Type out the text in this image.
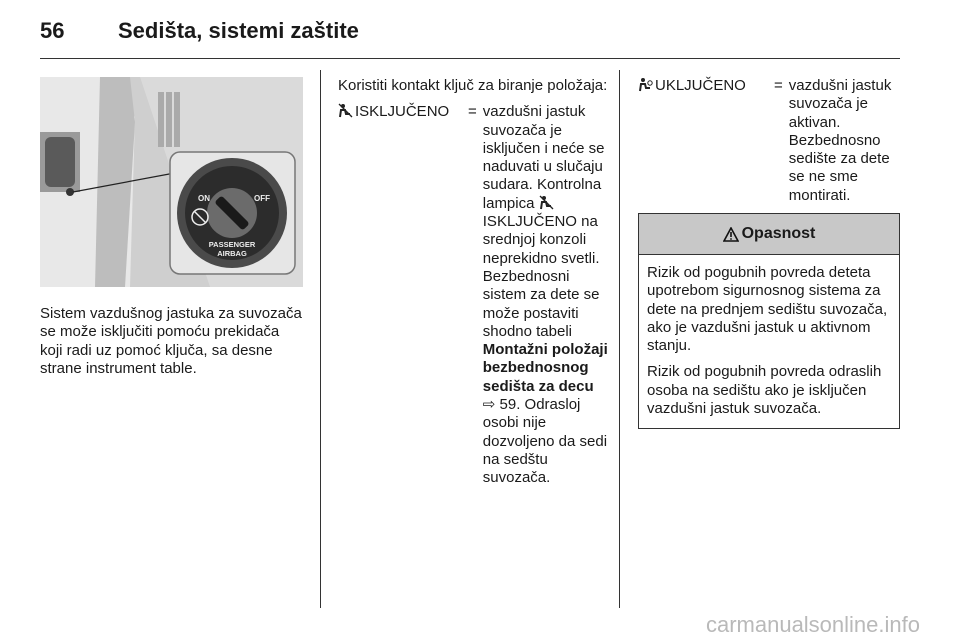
56	Sedišta, sistemi zaštite
ON	OFF
PASSENGER
AIRBAG
Sistem vazdušnog jastuka za suvozača se može isključiti pomoću prekidača koji radi uz pomoć ključa, sa desne strane instrument table.
Koristiti kontakt ključ za biranje položaja:
ISKLJUČENO	= vazdušni jastuk suvozača je isključen i neće se naduvati u slučaju sudara. Kontrolna lampica  ISKLJUČENO na srednjoj konzoli neprekidno svetli. Bezbednosni sistem za dete se može postaviti shodno tabeli Montažni položaji bezbednosnog sedišta za decu ⇨ 59. Odrasloj osobi nije dozvoljeno da sedi na sedštu suvozača.
UKLJUČENO	= vazdušni jastuk suvozača je aktivan. Bezbednosno sedište za dete se ne sme montirati.
Opasnost

Rizik od pogubnih povreda deteta upotrebom sigurnosnog sistema za dete na prednjem sedištu suvozača, ako je vazdušni jastuk u aktivnom stanju.

Rizik od pogubnih povreda odraslih osoba na sedištu ako je isključen vazdušni jastuk suvozača.

carmanualsonline.info
